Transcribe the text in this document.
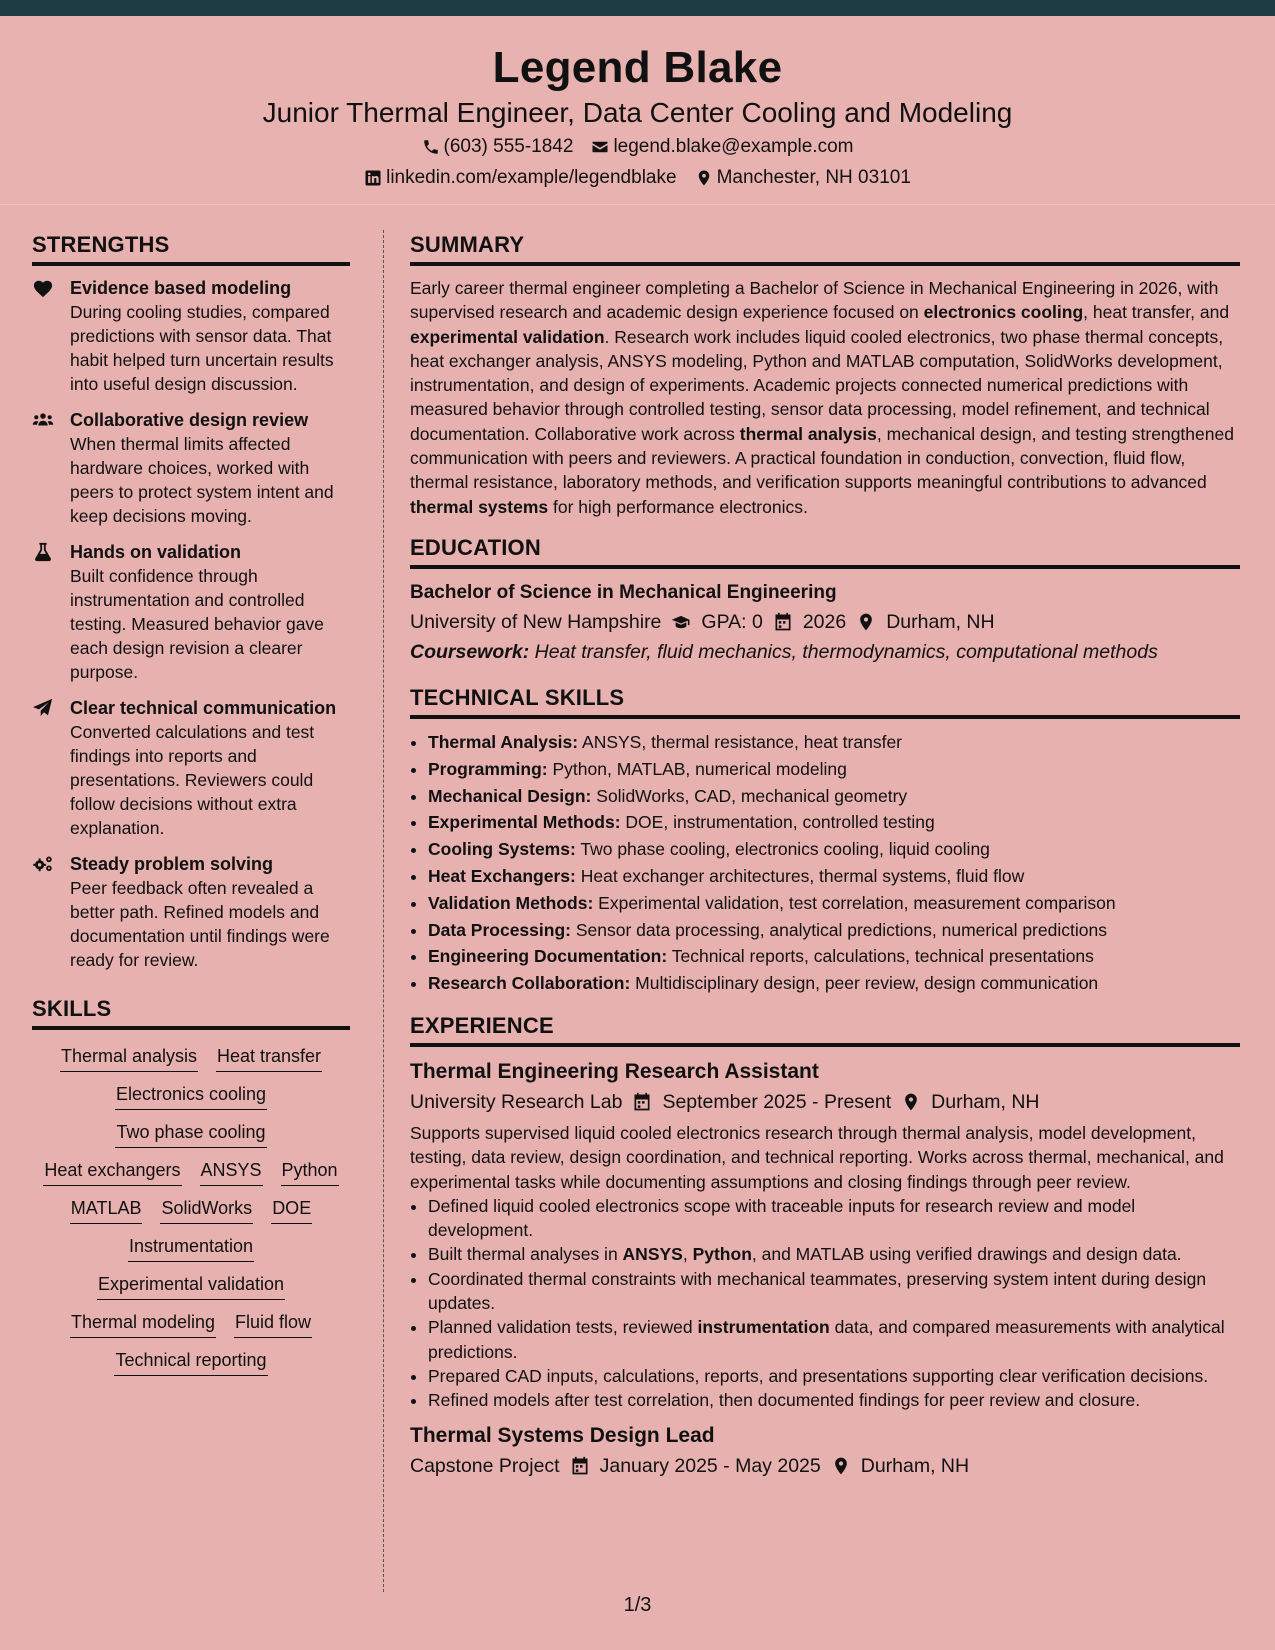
Legend Blake
Junior Thermal Engineer, Data Center Cooling and Modeling
(603) 555-1842 legend.blake@example.com
linkedin.com/example/legendblake Manchester, NH 03101
STRENGTHS
Evidence based modeling
During cooling studies, compared predictions with sensor data. That habit helped turn uncertain results into useful design discussion.
Collaborative design review
When thermal limits affected hardware choices, worked with peers to protect system intent and keep decisions moving.
Hands on validation
Built confidence through instrumentation and controlled testing. Measured behavior gave each design revision a clearer purpose.
Clear technical communication
Converted calculations and test findings into reports and presentations. Reviewers could follow decisions without extra explanation.
Steady problem solving
Peer feedback often revealed a better path. Refined models and documentation until findings were ready for review.
SKILLS
Thermal analysis Heat transfer
Electronics cooling
Two phase cooling
Heat exchangers ANSYS Python
MATLAB SolidWorks DOE
Instrumentation
Experimental validation
Thermal modeling Fluid flow
Technical reporting
SUMMARY

Early career thermal engineer completing a Bachelor of Science in Mechanical Engineering in 2026, with supervised research and academic design experience focused on electronics cooling, heat transfer, and experimental validation. Research work includes liquid cooled electronics, two phase thermal concepts, heat exchanger analysis, ANSYS modeling, Python and MATLAB computation, SolidWorks development, instrumentation, and design of experiments. Academic projects connected numerical predictions with measured behavior through controlled testing, sensor data processing, model refinement, and technical documentation. Collaborative work across thermal analysis, mechanical design, and testing strengthened communication with peers and reviewers. A practical foundation in conduction, convection, fluid flow, thermal resistance, laboratory methods, and verification supports meaningful contributions to advanced thermal systems for high performance electronics.

EDUCATION
Bachelor of Science in Mechanical Engineering
University of New Hampshire GPA: 0 2026 Durham, NH
Coursework: Heat transfer, fluid mechanics, thermodynamics, computational methods
TECHNICAL SKILLS
• Thermal Analysis: ANSYS, thermal resistance, heat transfer
• Programming: Python, MATLAB, numerical modeling
• Mechanical Design: SolidWorks, CAD, mechanical geometry
• Experimental Methods: DOE, instrumentation, controlled testing
• Cooling Systems: Two phase cooling, electronics cooling, liquid cooling
• Heat Exchangers: Heat exchanger architectures, thermal systems, fluid flow
• Validation Methods: Experimental validation, test correlation, measurement comparison
• Data Processing: Sensor data processing, analytical predictions, numerical predictions
• Engineering Documentation: Technical reports, calculations, technical presentations
• Research Collaboration: Multidisciplinary design, peer review, design communication
EXPERIENCE
Thermal Engineering Research Assistant
University Research Lab September 2025 - Present Durham, NH

Supports supervised liquid cooled electronics research through thermal analysis, model development, testing, data review, design coordination, and technical reporting. Works across thermal, mechanical, and experimental tasks while documenting assumptions and closing findings through peer review.

• Defined liquid cooled electronics scope with traceable inputs for research review and model development.
• Built thermal analyses in ANSYS, Python, and MATLAB using verified drawings and design data.
• Coordinated thermal constraints with mechanical teammates, preserving system intent during design updates.
• Planned validation tests, reviewed instrumentation data, and compared measurements with analytical predictions.
• Prepared CAD inputs, calculations, reports, and presentations supporting clear verification decisions.
• Refined models after test correlation, then documented findings for peer review and closure.
Thermal Systems Design Lead
Capstone Project January 2025 - May 2025 Durham, NH
1/3
